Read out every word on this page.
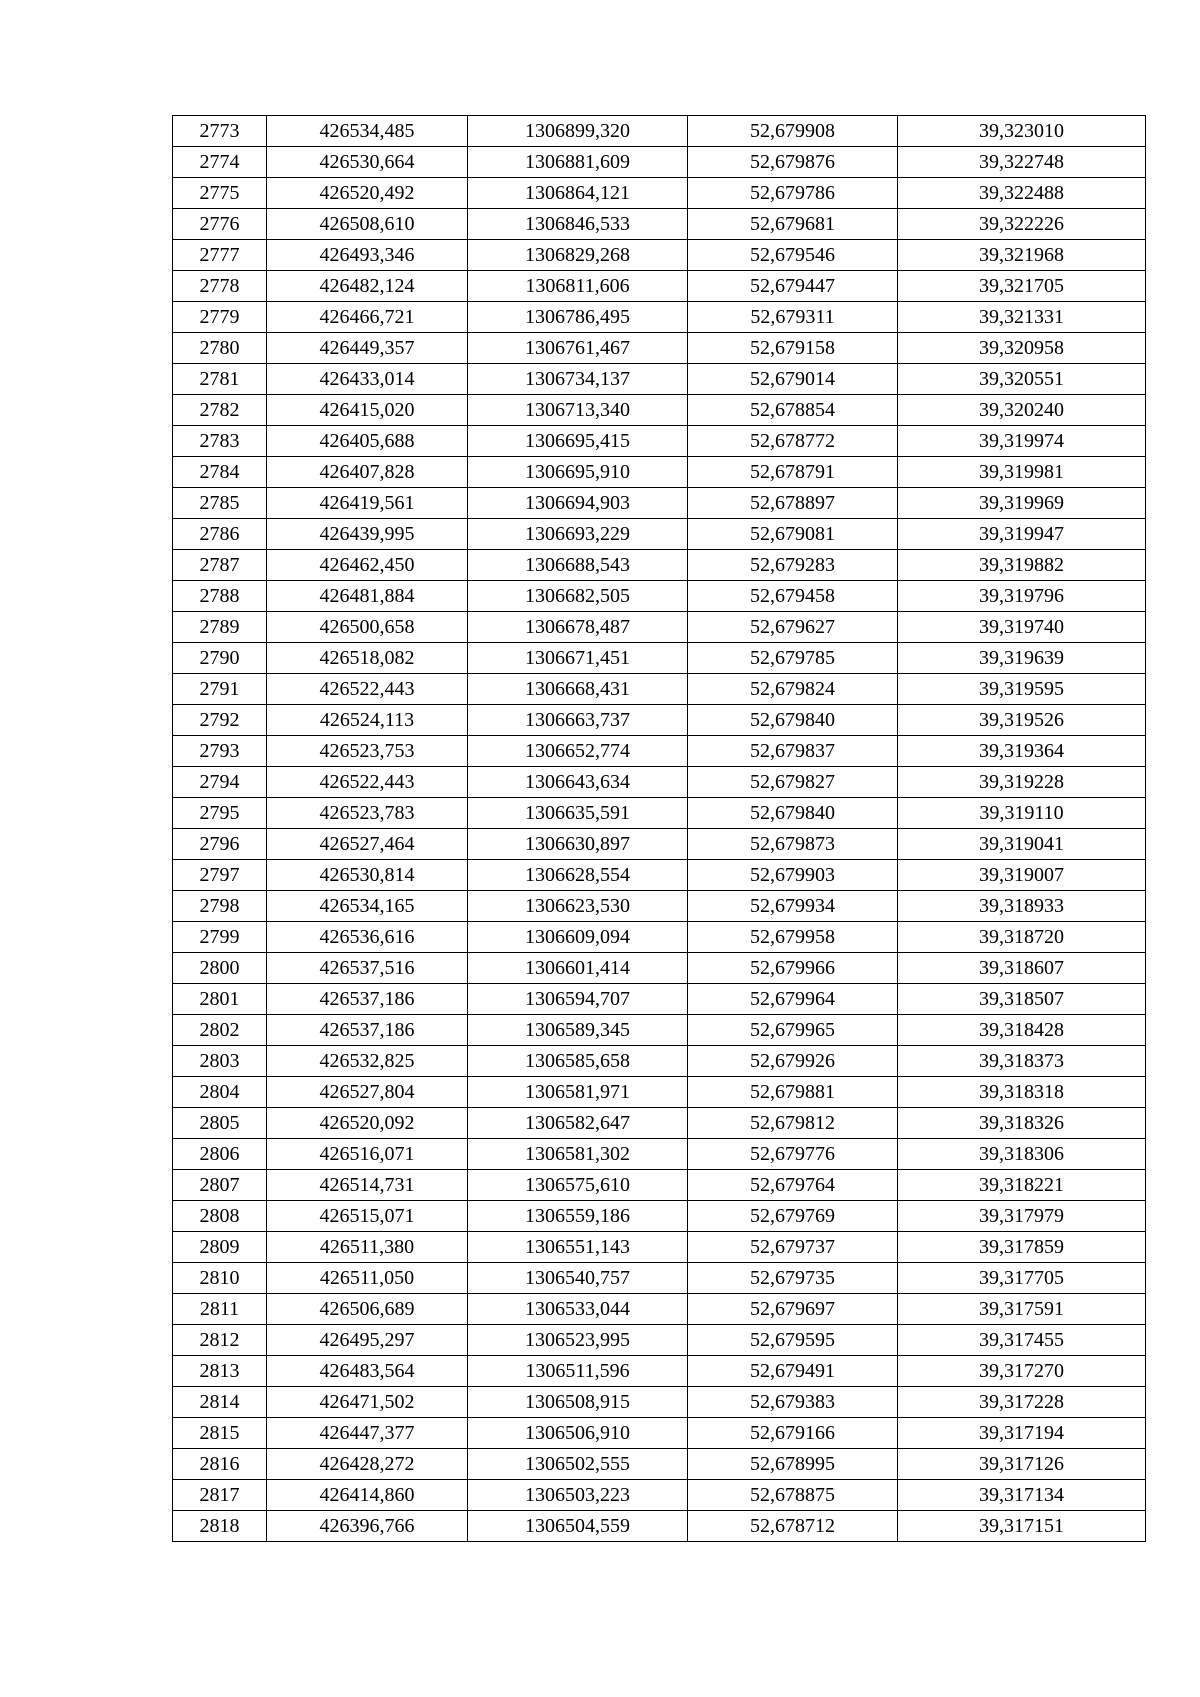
2773	426534,485	1306899,320	52,679908	39,323010
2774	426530,664	1306881,609	52,679876	39,322748
2775	426520,492	1306864,121	52,679786	39,322488
2776	426508,610	1306846,533	52,679681	39,322226
2777	426493,346	1306829,268	52,679546	39,321968
2778	426482,124	1306811,606	52,679447	39,321705
2779	426466,721	1306786,495	52,679311	39,321331
2780	426449,357	1306761,467	52,679158	39,320958
2781	426433,014	1306734,137	52,679014	39,320551
2782	426415,020	1306713,340	52,678854	39,320240
2783	426405,688	1306695,415	52,678772	39,319974
2784	426407,828	1306695,910	52,678791	39,319981
2785	426419,561	1306694,903	52,678897	39,319969
2786	426439,995	1306693,229	52,679081	39,319947
2787	426462,450	1306688,543	52,679283	39,319882
2788	426481,884	1306682,505	52,679458	39,319796
2789	426500,658	1306678,487	52,679627	39,319740
2790	426518,082	1306671,451	52,679785	39,319639
2791	426522,443	1306668,431	52,679824	39,319595
2792	426524,113	1306663,737	52,679840	39,319526
2793	426523,753	1306652,774	52,679837	39,319364
2794	426522,443	1306643,634	52,679827	39,319228
2795	426523,783	1306635,591	52,679840	39,319110
2796	426527,464	1306630,897	52,679873	39,319041
2797	426530,814	1306628,554	52,679903	39,319007
2798	426534,165	1306623,530	52,679934	39,318933
2799	426536,616	1306609,094	52,679958	39,318720
2800	426537,516	1306601,414	52,679966	39,318607
2801	426537,186	1306594,707	52,679964	39,318507
2802	426537,186	1306589,345	52,679965	39,318428
2803	426532,825	1306585,658	52,679926	39,318373
2804	426527,804	1306581,971	52,679881	39,318318
2805	426520,092	1306582,647	52,679812	39,318326
2806	426516,071	1306581,302	52,679776	39,318306
2807	426514,731	1306575,610	52,679764	39,318221
2808	426515,071	1306559,186	52,679769	39,317979
2809	426511,380	1306551,143	52,679737	39,317859
2810	426511,050	1306540,757	52,679735	39,317705
2811	426506,689	1306533,044	52,679697	39,317591
2812	426495,297	1306523,995	52,679595	39,317455
2813	426483,564	1306511,596	52,679491	39,317270
2814	426471,502	1306508,915	52,679383	39,317228
2815	426447,377	1306506,910	52,679166	39,317194
2816	426428,272	1306502,555	52,678995	39,317126
2817	426414,860	1306503,223	52,678875	39,317134
2818	426396,766	1306504,559	52,678712	39,317151
